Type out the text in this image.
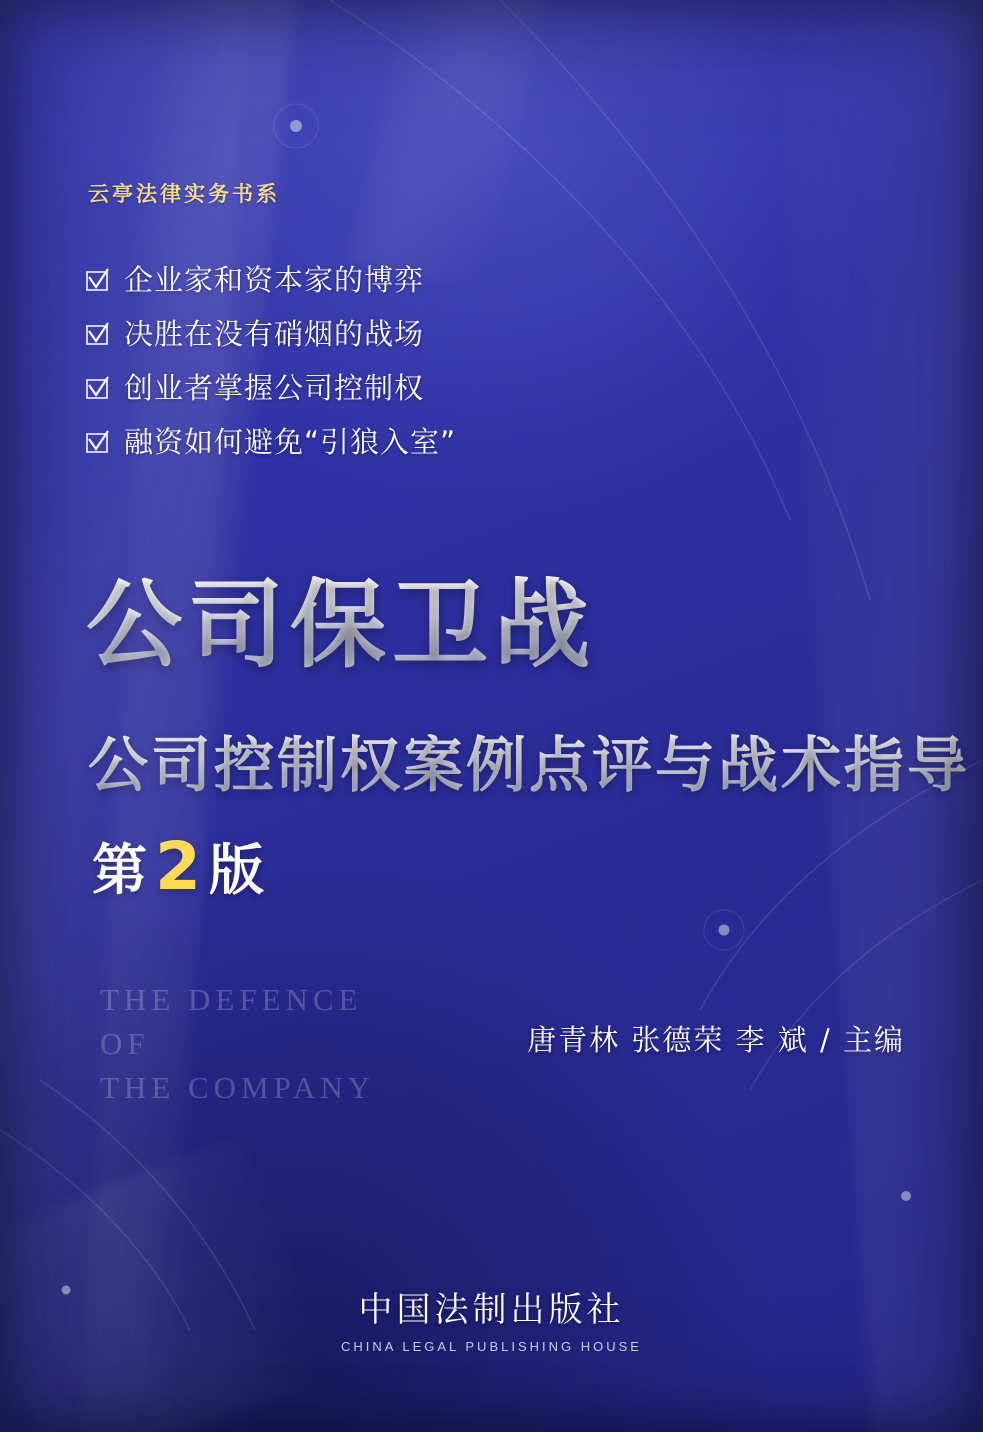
云亭法律实务书系
企业家和资本家的博弈
决胜在没有硝烟的战场
创业者掌握公司控制权
融资如何避免“引狼入室”
公司保卫战
公司控制权案例点评与战术指导
第 2 版
THE DEFENCE
OF
THE COMPANY
唐青林 张德荣 李 斌 / 主编
中国法制出版社
CHINA LEGAL PUBLISHING HOUSE
